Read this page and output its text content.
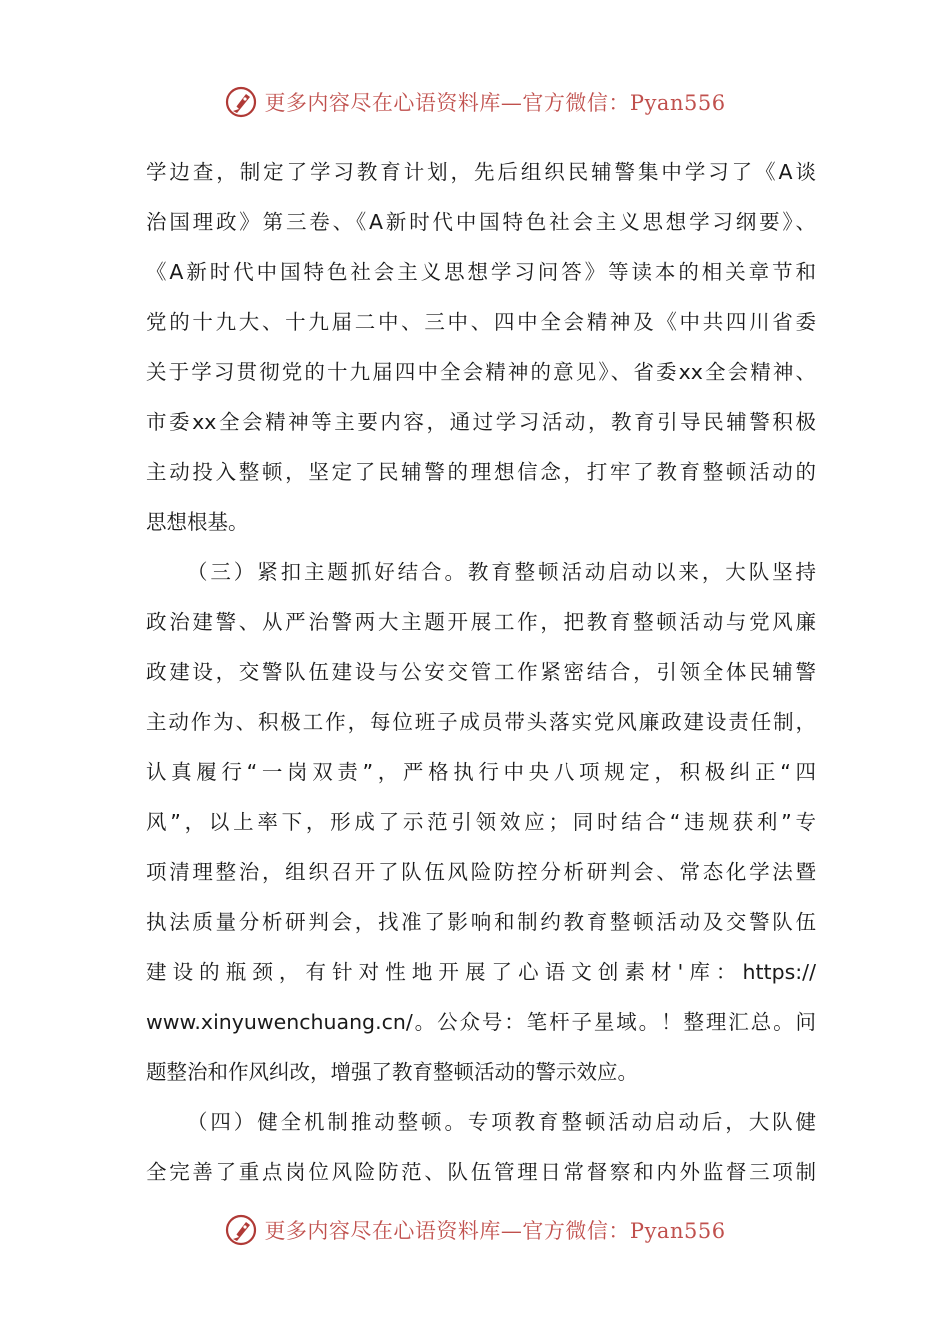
更多内容尽在心语资料库—官方微信：Pyan556
学边查，制定了学习教育计划，先后组织民辅警集中学习了《A谈
治国理政》第三卷、《A新时代中国特色社会主义思想学习纲要》、
《A新时代中国特色社会主义思想学习问答》等读本的相关章节和
党的十九大、十九届二中、三中、四中全会精神及《中共四川省委
关于学习贯彻党的十九届四中全会精神的意见》、省委xx全会精神、
市委xx全会精神等主要内容，通过学习活动，教育引导民辅警积极
主动投入整顿，坚定了民辅警的理想信念，打牢了教育整顿活动的
思想根基。
（三）紧扣主题抓好结合。教育整顿活动启动以来，大队坚持
政治建警、从严治警两大主题开展工作，把教育整顿活动与党风廉
政建设，交警队伍建设与公安交管工作紧密结合，引领全体民辅警
主动作为、积极工作，每位班子成员带头落实党风廉政建设责任制，
认真履行“一岗双责”，严格执行中央八项规定，积极纠正“四
风”，以上率下，形成了示范引领效应；同时结合“违规获利”专
项清理整治，组织召开了队伍风险防控分析研判会、常态化学法暨
执法质量分析研判会，找准了影响和制约教育整顿活动及交警队伍
建设的瓶颈，有针对性地开展了心语文创素材'库：https://
www.xinyuwenchuang.cn/。公众号：笔杆子星域。！整理汇总。问
题整治和作风纠改，增强了教育整顿活动的警示效应。
（四）健全机制推动整顿。专项教育整顿活动启动后，大队健
全完善了重点岗位风险防范、队伍管理日常督察和内外监督三项制
更多内容尽在心语资料库—官方微信：Pyan556
